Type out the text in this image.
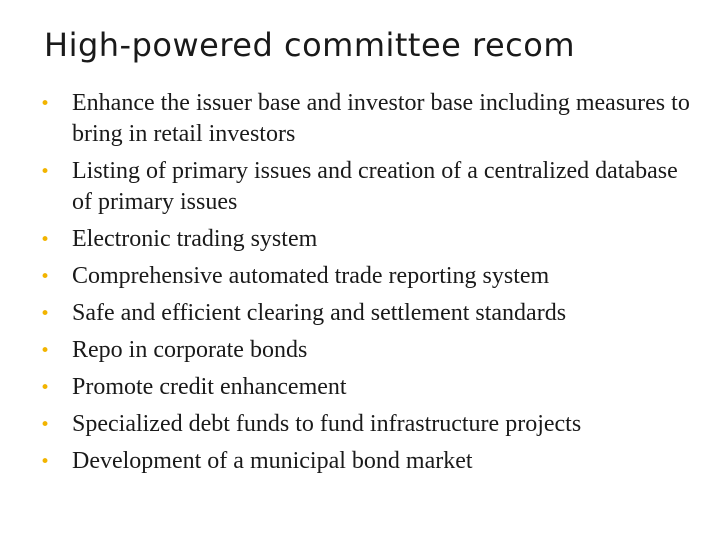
High-powered committee recom
• Enhance the issuer base and investor base including measures to bring in retail investors
• Listing of primary issues and creation of a centralized database of primary issues
• Electronic trading system
• Comprehensive automated trade reporting system
• Safe and efficient clearing and settlement standards
• Repo in corporate bonds
• Promote credit enhancement
• Specialized debt funds to fund infrastructure projects
• Development of a municipal bond market
